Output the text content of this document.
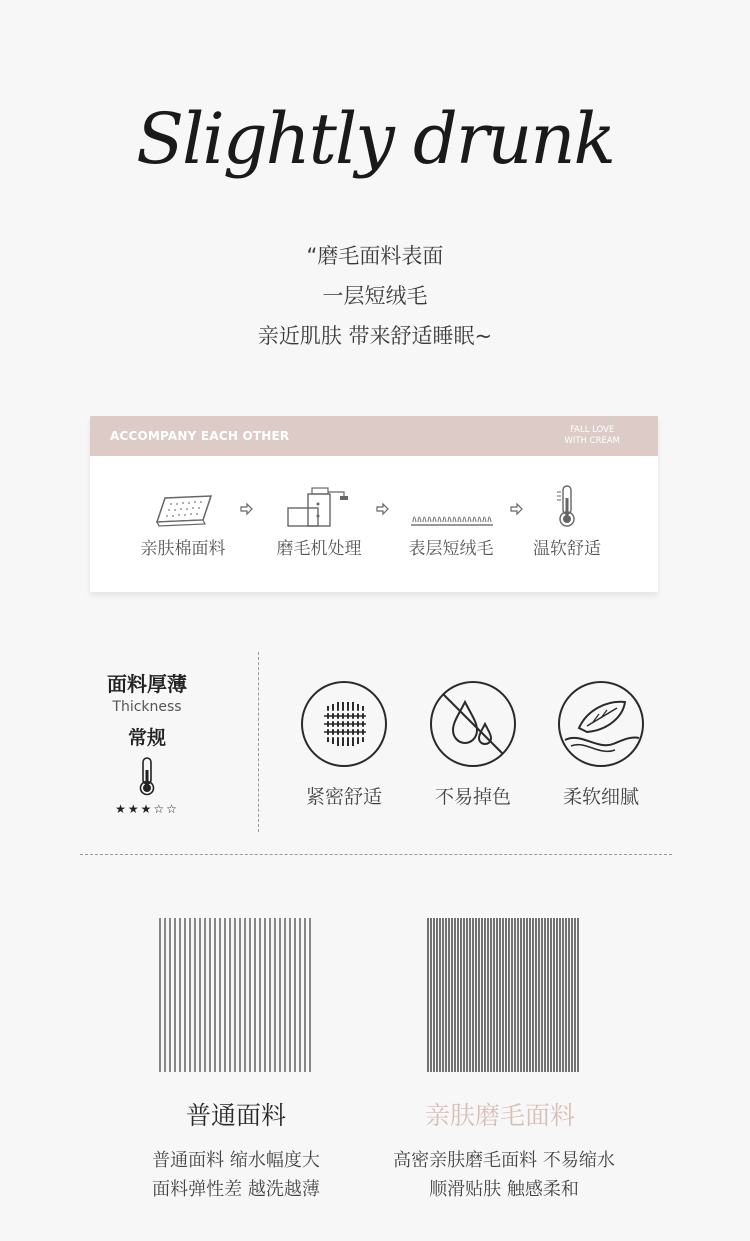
Slightly drunk
“磨毛面料表面
一层短绒毛
亲近肌肤 带来舒适睡眠~
ACCOMPANY EACH OTHER	FALL LOVE
WITH CREAM
亲肤棉面料	磨毛机处理	表层短绒毛	温软舒适
面料厚薄
Thickness
常规
★★★☆☆
紧密舒适	不易掉色	柔软细腻
普通面料	亲肤磨毛面料
普通面料 缩水幅度大
面料弹性差 越洗越薄
高密亲肤磨毛面料 不易缩水
顺滑贴肤 触感柔和
